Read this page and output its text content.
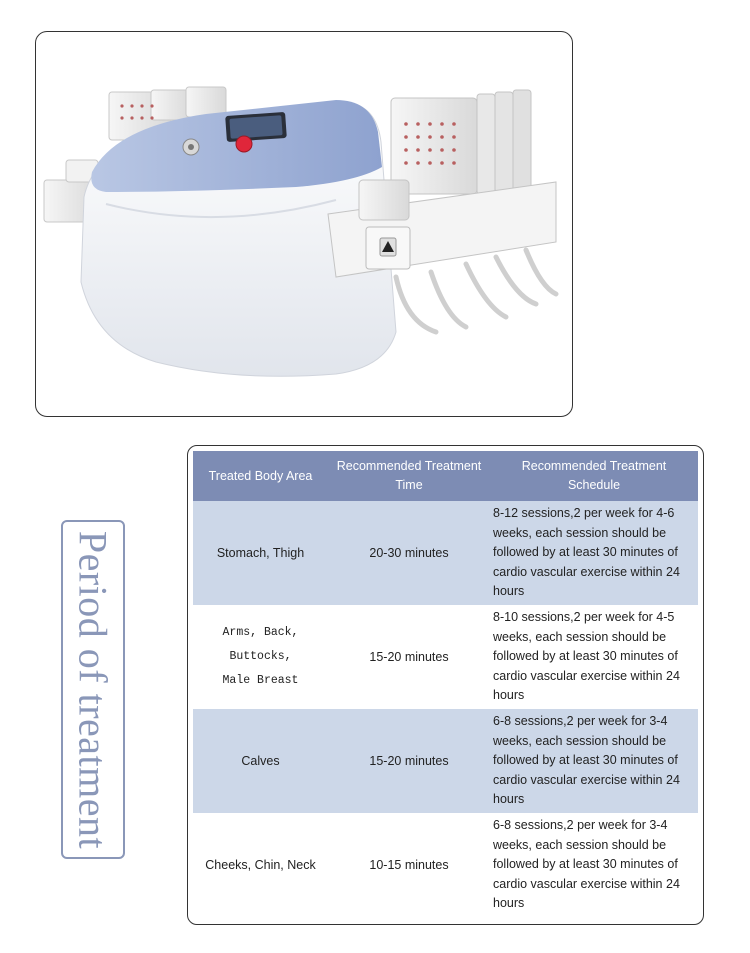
Period of treatment
Treated Body Area	Recommended Treatment Time	Recommended Treatment Schedule
Stomach, Thigh	20-30 minutes	8-12 sessions,2 per week for 4-6 weeks, each session should be followed by at least 30 minutes of cardio vascular exercise within 24 hours

Arms, Back,
Buttocks,
Male Breast	15-20 minutes	8-10 sessions,2 per week for 4-5 weeks, each session should be followed by at least 30 minutes of cardio vascular exercise within 24 hours
Calves	15-20 minutes	6-8 sessions,2 per week for 3-4 weeks, each session should be followed by at least 30 minutes of cardio vascular exercise within 24 hours
Cheeks, Chin, Neck	10-15 minutes	6-8 sessions,2 per week for 3-4 weeks, each session should be followed by at least 30 minutes of cardio vascular exercise within 24 hours
